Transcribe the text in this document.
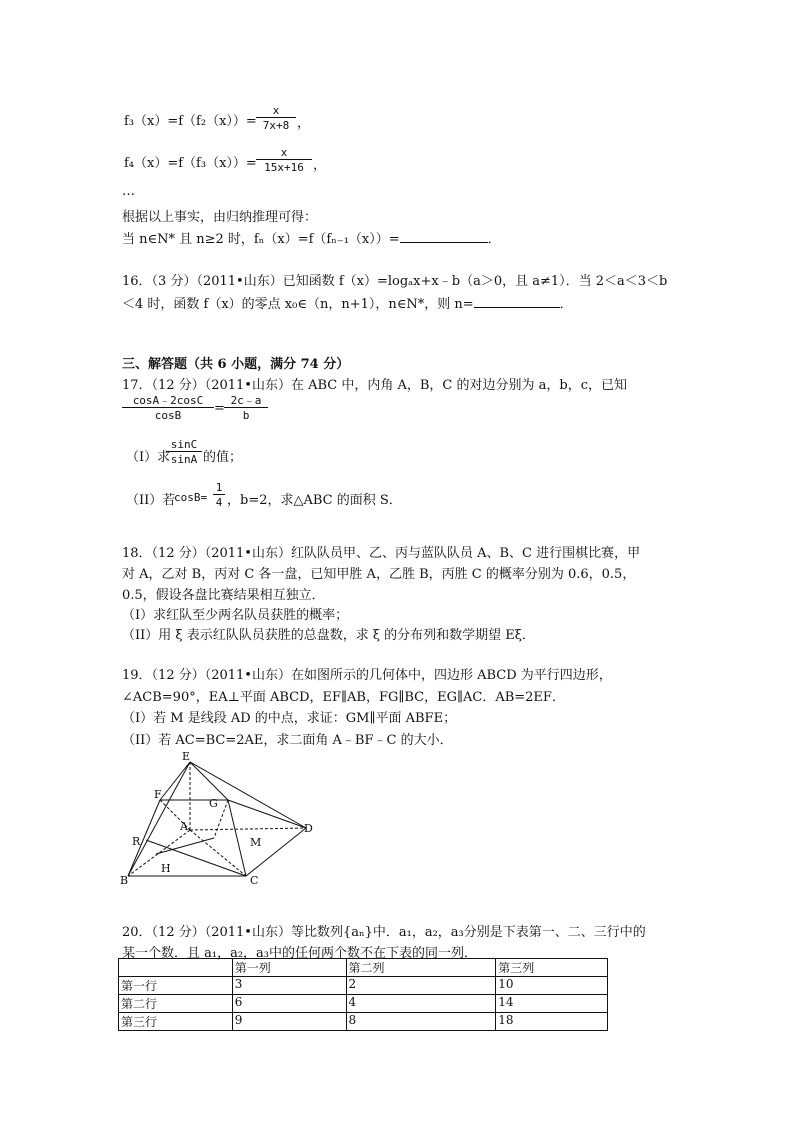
f₃（x）=f（f₂（x））=
x
7x+8 ，
f₄（x）=f（f₃（x））=
x
15x+16 ，
…
根据以上事实，由归纳推理可得：
当 n∈N* 且 n≥2 时，fₙ（x）=f（fₙ₋₁（x））=	．
16．（3 分）（2011•山东）已知函数 f（x）=logₐx+x﹣b（a＞0，且 a≠1）．当 2＜a＜3＜b
＜4 时，函数 f（x）的零点 x₀∈（n，n+1），n∈N*，则 n=	．
三、解答题（共 6 小题，满分 74 分）
17．（12 分）（2011•山东）在 ABC 中，内角 A，B，C 的对边分别为 a，b，c，已知
cosA﹣2cosC
cosB	=
2c﹣a
b
（I）求
sinC
sinA 的值；
（II）若
cosB=
1
4 ，b=2，求△ABC 的面积 S．
18．（12 分）（2011•山东）红队队员甲、乙、丙与蓝队队员 A、B、C 进行围棋比赛，甲
对 A，乙对 B，丙对 C 各一盘，已知甲胜 A，乙胜 B，丙胜 C 的概率分别为 0.6，0.5，
0.5，假设各盘比赛结果相互独立．
（I）求红队至少两名队员获胜的概率；
（II）用 ξ 表示红队队员获胜的总盘数，求 ξ 的分布列和数学期望 Eξ．
19．（12 分）（2011•山东）在如图所示的几何体中，四边形 ABCD 为平行四边形，
∠ACB=90°，EA⊥平面 ABCD，EF∥AB，FG∥BC，EG∥AC．AB=2EF．
（I）若 M 是线段 AD 的中点，求证：GM∥平面 ABFE；
（II）若 AC=BC=2AE，求二面角 A﹣BF﹣C 的大小．
E
F
G
A	D
M
R
H
B	C
20．（12 分）（2011•山东）等比数列{aₙ}中．a₁，a₂，a₃分别是下表第一、二、三行中的
某一个数．且 a₁，a₂，a₃中的任何两个数不在下表的同一列．
	第一列	第二列	第三列
第一行	3	2	10
第二行	6	4	14
第三行	9	8	18
